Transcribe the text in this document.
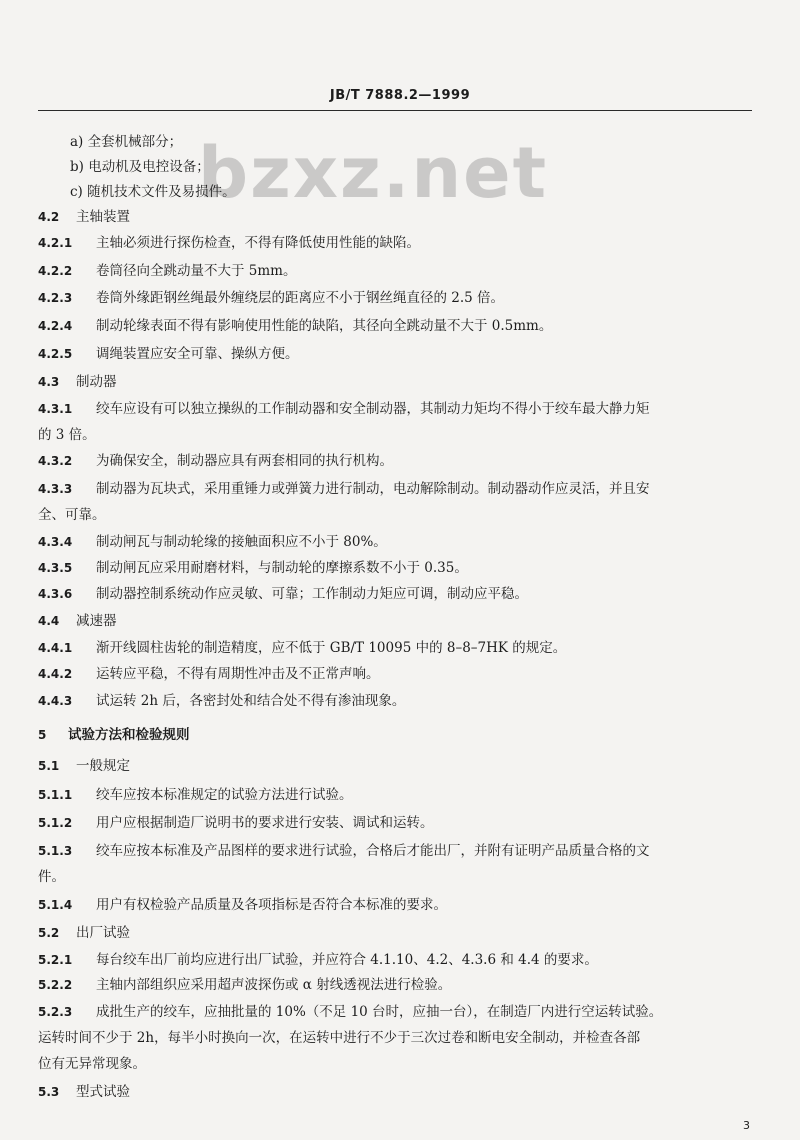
JB/T 7888.2—1999
bzxz.net
a) 全套机械部分；
b) 电动机及电控设备；
c) 随机技术文件及易损件。
4.2 主轴装置
4.2.1 主轴必须进行探伤检查，不得有降低使用性能的缺陷。
4.2.2 卷筒径向全跳动量不大于 5mm。
4.2.3 卷筒外缘距钢丝绳最外缠绕层的距离应不小于钢丝绳直径的 2.5 倍。
4.2.4 制动轮缘表面不得有影响使用性能的缺陷，其径向全跳动量不大于 0.5mm。
4.2.5 调绳装置应安全可靠、操纵方便。
4.3 制动器
4.3.1 绞车应设有可以独立操纵的工作制动器和安全制动器，其制动力矩均不得小于绞车最大静力矩
的 3 倍。
4.3.2 为确保安全，制动器应具有两套相同的执行机构。
4.3.3 制动器为瓦块式，采用重锤力或弹簧力进行制动，电动解除制动。制动器动作应灵活，并且安
全、可靠。
4.3.4 制动闸瓦与制动轮缘的接触面积应不小于 80%。
4.3.5 制动闸瓦应采用耐磨材料，与制动轮的摩擦系数不小于 0.35。
4.3.6 制动器控制系统动作应灵敏、可靠；工作制动力矩应可调，制动应平稳。
4.4 减速器
4.4.1 渐开线圆柱齿轮的制造精度，应不低于 GB/T 10095 中的 8–8–7HK 的规定。
4.4.2 运转应平稳，不得有周期性冲击及不正常声响。
4.4.3 试运转 2h 后，各密封处和结合处不得有渗油现象。
5 试验方法和检验规则
5.1 一般规定
5.1.1 绞车应按本标准规定的试验方法进行试验。
5.1.2 用户应根据制造厂说明书的要求进行安装、调试和运转。
5.1.3 绞车应按本标准及产品图样的要求进行试验，合格后才能出厂，并附有证明产品质量合格的文
件。
5.1.4 用户有权检验产品质量及各项指标是否符合本标准的要求。
5.2 出厂试验
5.2.1 每台绞车出厂前均应进行出厂试验，并应符合 4.1.10、4.2、4.3.6 和 4.4 的要求。
5.2.2 主轴内部组织应采用超声波探伤或 α 射线透视法进行检验。
5.2.3 成批生产的绞车，应抽批量的 10%（不足 10 台时，应抽一台），在制造厂内进行空运转试验。
运转时间不少于 2h，每半小时换向一次，在运转中进行不少于三次过卷和断电安全制动，并检查各部
位有无异常现象。
5.3 型式试验
3
